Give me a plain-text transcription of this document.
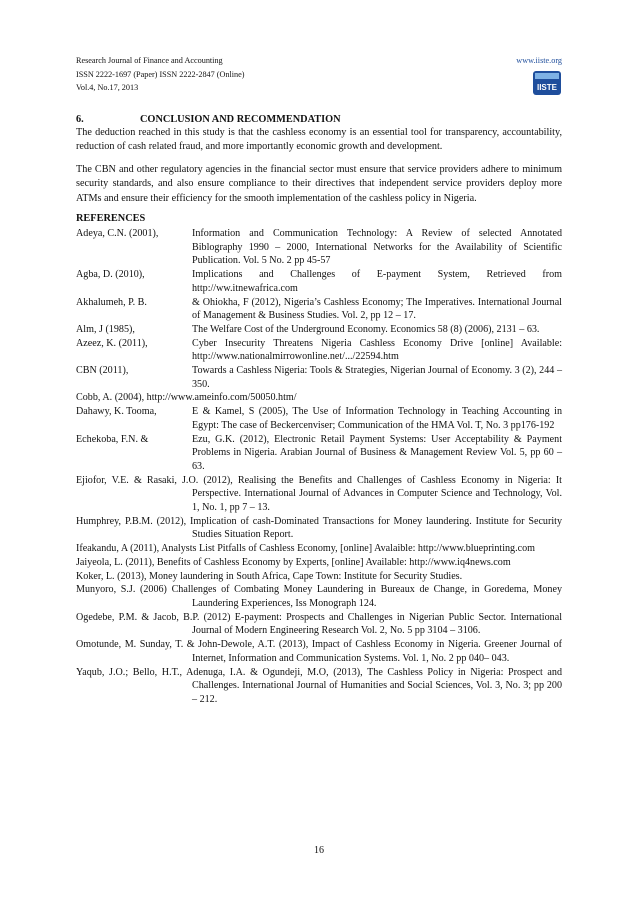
Research Journal of Finance and Accounting
ISSN 2222-1697 (Paper) ISSN 2222-2847 (Online)
Vol.4, No.17, 2013
www.iiste.org
IISTE
6.	CONCLUSION AND RECOMMENDATION
The deduction reached in this study is that the cashless economy is an essential tool for transparency, accountability, reduction of cash related fraud, and more importantly economic growth and development.
The CBN and other regulatory agencies in the financial sector must ensure that service providers adhere to minimum security standards, and also ensure compliance to their directives that independent service providers deploy more ATMs and ensure their efficiency for the smooth implementation of the cashless policy in Nigeria.
REFERENCES
Adeya, C.N. (2001),	Information and Communication Technology: A Review of selected Annotated Biblography 1990 – 2000, International Networks for the Availability of Scientific Publication. Vol. 5 No. 2 pp 45-57
Agba, D. (2010),	Implications and Challenges of E-payment System, Retrieved from http://ww.itnewafrica.com
Akhalumeh, P. B.	& Ohiokha, F (2012), Nigeria’s Cashless Economy; The Imperatives. International Journal of Management & Business Studies. Vol. 2, pp 12 – 17.
Alm, J (1985),	The Welfare Cost of the Underground Economy. Economics 58 (8) (2006), 2131 – 63.
Azeez, K. (2011),	Cyber Insecurity Threatens Nigeria Cashless Economy Drive [online] Available: http://www.nationalmirrowonline.net/.../22594.htm
CBN (2011),	Towards a Cashless Nigeria: Tools & Strategies, Nigerian Journal of Economy. 3 (2), 244 – 350.
Cobb, A. (2004), http://www.ameinfo.com/50050.htm/
Dahawy, K. Tooma,	E & Kamel, S (2005), The Use of Information Technology in Teaching Accounting in Egypt: The case of Beckercenviser; Communication of the HMA Vol. T, No. 3 pp176-192
Echekoba, F.N. &	Ezu, G.K. (2012), Electronic Retail Payment Systems: User Acceptability & Payment Problems in Nigeria. Arabian Journal of Business & Management Review Vol. 5, pp 60 – 63.
Ejiofor, V.E. & Rasaki, J.O. (2012), Realising the Benefits and Challenges of Cashless Economy in Nigeria: It Perspective. International Journal of Advances in Computer Science and Technology, Vol. 1, No. 1, pp 7 – 13.
Humphrey, P.B.M. (2012), Implication of cash-Dominated Transactions for Money laundering. Institute for Security Studies Situation Report.
Ifeakandu, A (2011), Analysts List Pitfalls of Cashless Economy, [online] Avalaible: http://www.blueprinting.com
Jaiyeola, L. (2011), Benefits of Cashless Economy by Experts, [online] Available: http://www.iq4news.com
Koker, L. (2013), Money laundering in South Africa, Cape Town: Institute for Security Studies.
Munyoro, S.J. (2006) Challenges of Combating Money Laundering in Bureaux de Change, in Goredema, Money Laundering Experiences, Iss Monograph 124.
Ogedebe, P.M. & Jacob, B.P. (2012) E-payment: Prospects and Challenges in Nigerian Public Sector. International Journal of Modern Engineering Research Vol. 2, No. 5 pp 3104 – 3106.
Omotunde, M. Sunday, T. & John-Dewole, A.T. (2013), Impact of Cashless Economy in Nigeria. Greener Journal of Internet, Information and Communication Systems. Vol. 1, No. 2 pp 040– 043.
Yaqub, J.O.; Bello, H.T., Adenuga, I.A. & Ogundeji, M.O, (2013), The Cashless Policy in Nigeria: Prospect and Challenges. International Journal of Humanities and Social Sciences, Vol. 3, No. 3; pp 200 – 212.
16
